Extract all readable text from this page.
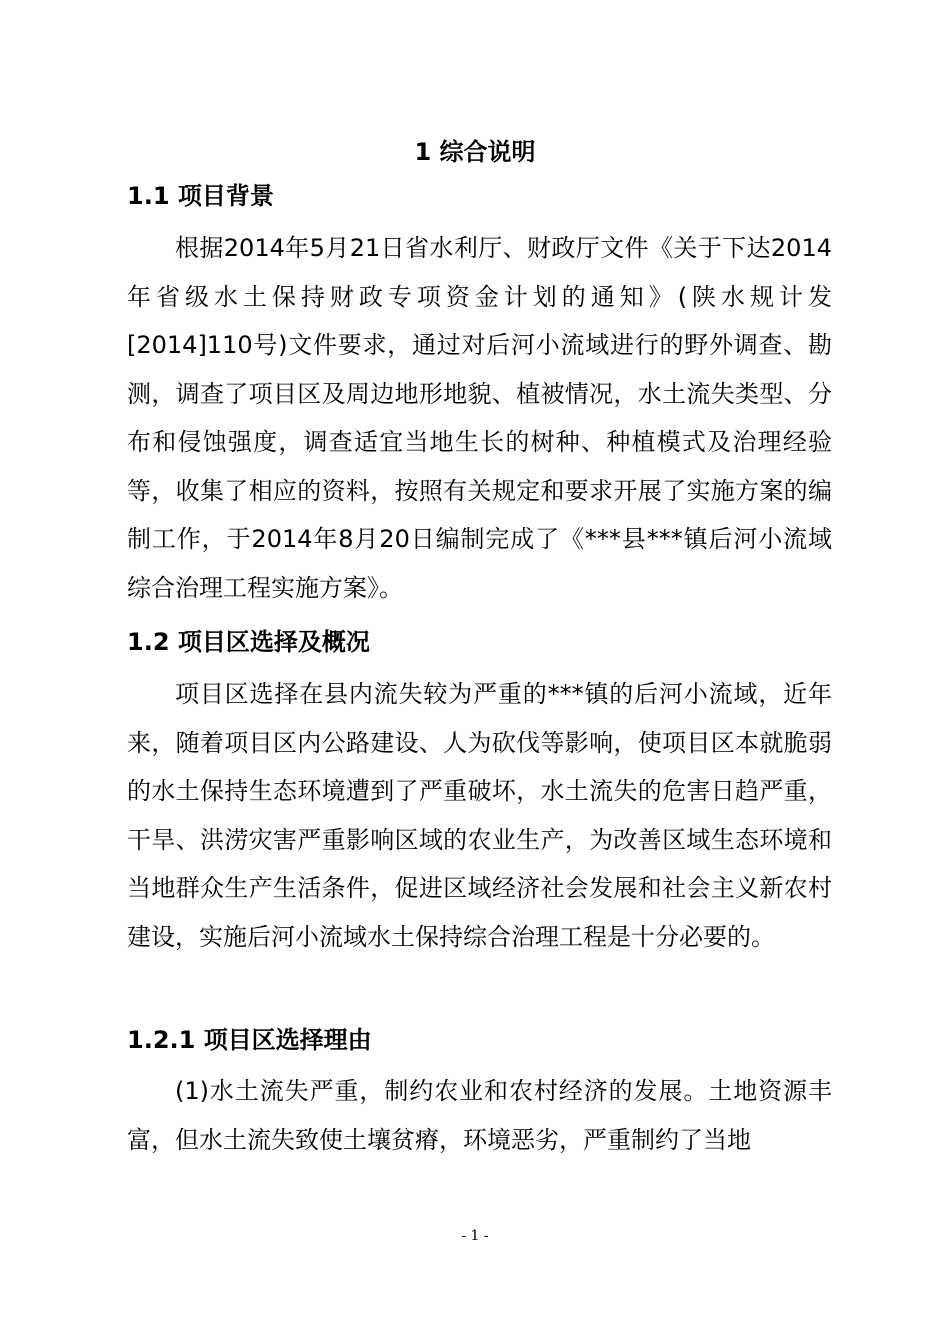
1 综合说明
1.1 项目背景

根据2014年5月21日省水利厅、财政厅文件《关于下达2014 年省级水土保持财政专项资金计划的通知》(陕水规计发[2014]110号)文件要求，通过对后河小流域进行的野外调查、勘测，调查了项目区及周边地形地貌、植被情况，水土流失类型、分布和侵蚀强度，调查适宜当地生长的树种、种植模式及治理经验等，收集了相应的资料，按照有关规定和要求开展了实施方案的编制工作，于2014年8月20日编制完成了《***县***镇后河小流域综合治理工程实施方案》。

1.2 项目区选择及概况

项目区选择在县内流失较为严重的***镇的后河小流域，近年来，随着项目区内公路建设、人为砍伐等影响，使项目区本就脆弱的水土保持生态环境遭到了严重破坏，水土流失的危害日趋严重，干旱、洪涝灾害严重影响区域的农业生产，为改善区域生态环境和当地群众生产生活条件，促进区域经济社会发展和社会主义新农村建设，实施后河小流域水土保持综合治理工程是十分必要的。

1.2.1 项目区选择理由

(1)水土流失严重，制约农业和农村经济的发展。土地资源丰富，但水土流失致使土壤贫瘠，环境恶劣，严重制约了当地

- 1 -
